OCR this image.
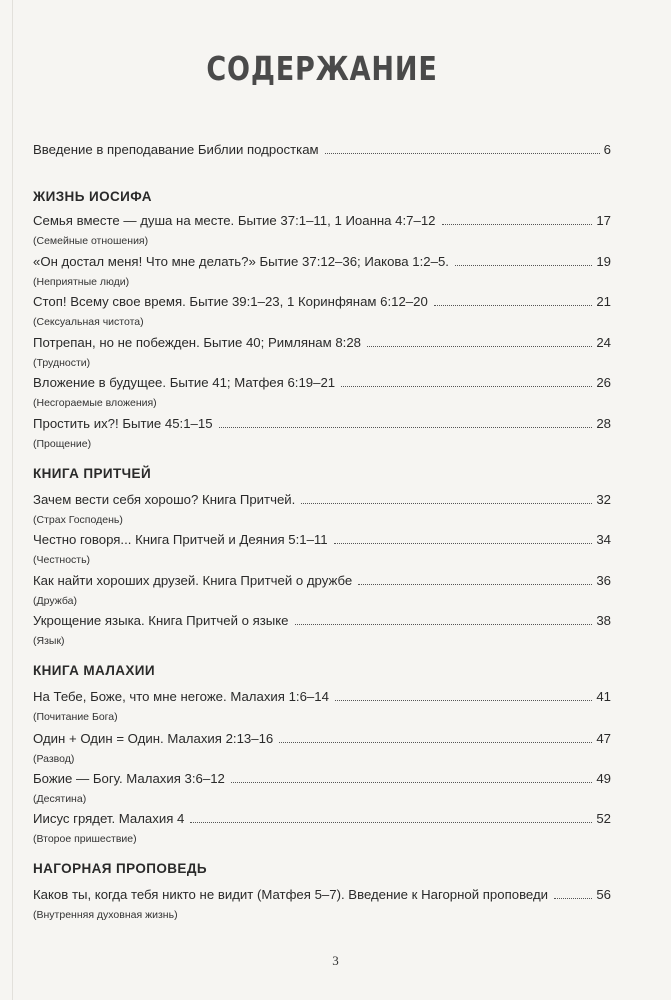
СОДЕРЖАНИЕ
Введение в преподавание Библии подросткам	6
ЖИЗНЬ ИОСИФА
Семья вместе — душа на месте. Бытие 37:1–11, 1 Иоанна 4:7–12	17
(Семейные отношения)
«Он достал меня! Что мне делать?» Бытие 37:12–36; Иакова 1:2–5.	19
(Неприятные люди)
Стоп! Всему свое время. Бытие 39:1–23, 1 Коринфянам 6:12–20	21
(Сексуальная чистота)
Потрепан, но не побежден. Бытие 40; Римлянам 8:28	24
(Трудности)
Вложение в будущее. Бытие 41; Матфея 6:19–21	26
(Несгораемые вложения)
Простить их?! Бытие 45:1–15	28
(Прощение)
КНИГА ПРИТЧЕЙ
Зачем вести себя хорошо? Книга Притчей.	32
(Страх Господень)
Честно говоря... Книга Притчей и Деяния 5:1–11	34
(Честность)
Как найти хороших друзей. Книга Притчей о дружбе	36
(Дружба)
Укрощение языка. Книга Притчей о языке	38
(Язык)
КНИГА МАЛАХИИ
На Тебе, Боже, что мне негоже. Малахия 1:6–14	41
(Почитание Бога)
Один + Один = Один. Малахия 2:13–16	47
(Развод)
Божие — Богу. Малахия 3:6–12	49
(Десятина)
Иисус грядет. Малахия 4	52
(Второе пришествие)
НАГОРНАЯ ПРОПОВЕДЬ
Каков ты, когда тебя никто не видит (Матфея 5–7). Введение к Нагорной проповеди	56
(Внутренняя духовная жизнь)
3
